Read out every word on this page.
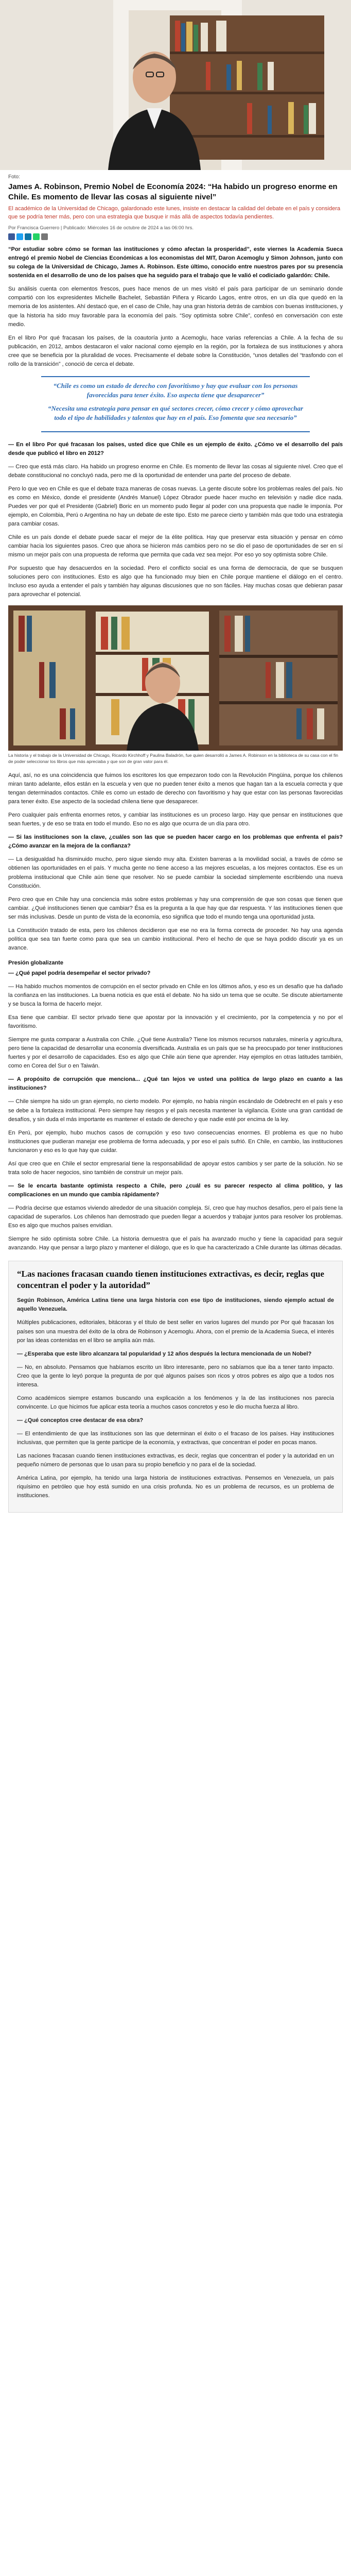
Foto:
James A. Robinson, Premio Nobel de Economía 2024: “Ha habido un progreso enorme en Chile. Es momento de llevar las cosas al siguiente nivel”

El académico de la Universidad de Chicago, galardonado este lunes, insiste en destacar la calidad del debate en el país y considera que se podría tener más, pero con una estrategia que busque ir más allá de aspectos todavía pendientes.

Por Francisca Guerrero | Publicado: Miércoles 16 de octubre de 2024 a las 06:00 hrs.

“Por estudiar sobre cómo se forman las instituciones y cómo afectan la prosperidad”, este viernes la Academia Sueca entregó el premio Nobel de Ciencias Económicas a los economistas del MIT, Daron Acemoglu y Simon Johnson, junto con su colega de la Universidad de Chicago, James A. Robinson. Este último, conocido entre nuestros pares por su presencia sostenida en el desarrollo de uno de los países que ha seguido para el trabajo que le valió el codiciado galardón: Chile.

Su análisis cuenta con elementos frescos, pues hace menos de un mes visitó el país para participar de un seminario donde compartió con los expresidentes Michelle Bachelet, Sebastián Piñera y Ricardo Lagos, entre otros, en un día que quedó en la memoria de los asistentes. Ahí destacó que, en el caso de Chile, hay una gran historia detrás de cambios con buenas instituciones, y que la historia ha sido muy favorable para la economía del país. “Soy optimista sobre Chile”, confesó en conversación con este medio.

En el libro Por qué fracasan los países, de la coautoría junto a Acemoglu, hace varias referencias a Chile. A la fecha de su publicación, en 2012, ambos destacaron el valor nacional como ejemplo en la región, por la fortaleza de sus instituciones y ahora cree que se beneficia por la pluralidad de voces. Precisamente el debate sobre la Constitución, “unos detalles del “trasfondo con el rollo de la transición” , conoció de cerca el debate.

“Chile es como un estado de derecho con favoritismo y hay que evaluar con los personas favorecidas para tener éxito. Eso aspecta tiene que desaparecer”

“Necesita una estrategia para pensar en qué sectores crecer, cómo crecer y cómo aprovechar todo el tipo de habilidades y talentos que hay en el país. Eso fomenta que sea necesario”

— En el libro Por qué fracasan los países, usted dice que Chile es un ejemplo de éxito. ¿Cómo ve el desarrollo del país desde que publicó el libro en 2012?

— Creo que está más claro. Ha habido un progreso enorme en Chile. Es momento de llevar las cosas al siguiente nivel. Creo que el debate constitucional no concluyó nada, pero me di la oportunidad de entender una parte del proceso de debate.

Pero lo que veo en Chile es que el debate traza maneras de cosas nuevas. La gente discute sobre los problemas reales del país. No es como en México, donde el presidente (Andrés Manuel) López Obrador puede hacer mucho en televisión y nadie dice nada. Puedes ver por qué el Presidente (Gabriel) Boric en un momento pudo llegar al poder con una propuesta que nadie le imponía. Por ejemplo, en Colombia, Perú o Argentina no hay un debate de este tipo. Esto me parece cierto y también más que todo una estrategia para cambiar cosas.

Chile es un país donde el debate puede sacar el mejor de la élite política. Hay que preservar esta situación y pensar en cómo cambiar hacia los siguientes pasos. Creo que ahora se hicieron más cambios pero no se dio el paso de oportunidades de ser en sí mismo un mejor país con una propuesta de reforma que permita que cada vez sea mejor. Por eso yo soy optimista sobre Chile.

Por supuesto que hay desacuerdos en la sociedad. Pero el conflicto social es una forma de democracia, de que se busquen soluciones pero con instituciones. Esto es algo que ha funcionado muy bien en Chile porque mantiene el diálogo en el centro. Incluso eso ayuda a entender el país y también hay algunas discusiones que no son fáciles. Hay muchas cosas que debieran pasar para aprovechar el potencial.

La historia y el trabajo de la Universidad de Chicago, Ricardo Kirchhoff y Paulina Baladrón, fue quien desarrolló a James A. Robinson en la biblioteca de su casa con el fin de poder seleccionar los libros que más apreciaba y que son de gran valor para él.

Aquí, así, no es una coincidencia que fuimos los escritores los que empezaron todo con la Revolución Pingüina, porque los chilenos miran tanto adelante, ellos están en la escuela y ven que no pueden tener éxito a menos que hagan tan a la escuela correcta y que tengan determinados contactos. Chile es como un estado de derecho con favoritismo y hay que estar con las personas favorecidas para tener éxito. Ese aspecto de la sociedad chilena tiene que desaparecer.

Pero cualquier país enfrenta enormes retos, y cambiar las instituciones es un proceso largo. Hay que pensar en instituciones que sean fuertes, y de eso se trata en todo el mundo. Eso no es algo que ocurra de un día para otro.

— Si las instituciones son la clave, ¿cuáles son las que se pueden hacer cargo en los problemas que enfrenta el país? ¿Cómo avanzar en la mejora de la confianza?

— La desigualdad ha disminuido mucho, pero sigue siendo muy alta. Existen barreras a la movilidad social, a través de cómo se obtienen las oportunidades en el país. Y mucha gente no tiene acceso a las mejores escuelas, a los mejores contactos. Ese es un problema institucional que Chile aún tiene que resolver. No se puede cambiar la sociedad simplemente escribiendo una nueva Constitución.

Pero creo que en Chile hay una conciencia más sobre estos problemas y hay una comprensión de que son cosas que tienen que cambiar. ¿Qué instituciones tienen que cambiar? Ésa es la pregunta a la que hay que dar respuesta. Y las instituciones tienen que ser más inclusivas. Desde un punto de vista de la economía, eso significa que todo el mundo tenga una oportunidad justa.

La Constitución tratado de esta, pero los chilenos decidieron que ese no era la forma correcta de proceder. No hay una agenda política que sea tan fuerte como para que sea un cambio institucional. Pero el hecho de que se haya podido discutir ya es un avance.

Presión globalizante

— ¿Qué papel podría desempeñar el sector privado?

— Ha habido muchos momentos de corrupción en el sector privado en Chile en los últimos años, y eso es un desafío que ha dañado la confianza en las instituciones. La buena noticia es que está el debate. No ha sido un tema que se oculte. Se discute abiertamente y se busca la forma de hacerlo mejor.

Esa tiene que cambiar. El sector privado tiene que apostar por la innovación y el crecimiento, por la competencia y no por el favoritismo.

Siempre me gusta comparar a Australia con Chile. ¿Qué tiene Australia? Tiene los mismos recursos naturales, minería y agricultura, pero tiene la capacidad de desarrollar una economía diversificada. Australia es un país que se ha preocupado por tener instituciones fuertes y por el desarrollo de capacidades. Eso es algo que Chile aún tiene que aprender. Hay ejemplos en otras latitudes también, como en Corea del Sur o en Taiwán.

— A propósito de corrupción que menciona... ¿Qué tan lejos ve usted una política de largo plazo en cuanto a las instituciones?

— Chile siempre ha sido un gran ejemplo, no cierto modelo. Por ejemplo, no había ningún escándalo de Odebrecht en el país y eso se debe a la fortaleza institucional. Pero siempre hay riesgos y el país necesita mantener la vigilancia. Existe una gran cantidad de desafíos, y sin duda el más importante es mantener el estado de derecho y que nadie esté por encima de la ley.

En Perú, por ejemplo, hubo muchos casos de corrupción y eso tuvo consecuencias enormes. El problema es que no hubo instituciones que pudieran manejar ese problema de forma adecuada, y por eso el país sufrió. En Chile, en cambio, las instituciones funcionaron y eso es lo que hay que cuidar.

Así que creo que en Chile el sector empresarial tiene la responsabilidad de apoyar estos cambios y ser parte de la solución. No se trata solo de hacer negocios, sino también de construir un mejor país.

— Se le encarta bastante optimista respecto a Chile, pero ¿cuál es su parecer respecto al clima político, y las complicaciones en un mundo que cambia rápidamente?

— Podría decirse que estamos viviendo alrededor de una situación compleja. Sí, creo que hay muchos desafíos, pero el país tiene la capacidad de superarlos. Los chilenos han demostrado que pueden llegar a acuerdos y trabajar juntos para resolver los problemas. Eso es algo que muchos países envidian.

Siempre he sido optimista sobre Chile. La historia demuestra que el país ha avanzado mucho y tiene la capacidad para seguir avanzando. Hay que pensar a largo plazo y mantener el diálogo, que es lo que ha caracterizado a Chile durante las últimas décadas.

“Las naciones fracasan cuando tienen instituciones extractivas, es decir, reglas que concentran el poder y la autoridad”

Según Robinson, América Latina tiene una larga historia con ese tipo de instituciones, siendo ejemplo actual de aquello Venezuela.

Múltiples publicaciones, editoriales, bitácoras y el título de best seller en varios lugares del mundo por Por qué fracasan los países son una muestra del éxito de la obra de Robinson y Acemoglu. Ahora, con el premio de la Academia Sueca, el interés por las ideas contenidas en el libro se amplía aún más.

— ¿Esperaba que este libro alcanzara tal popularidad y 12 años después la lectura mencionada de un Nobel?

— No, en absoluto. Pensamos que habíamos escrito un libro interesante, pero no sabíamos que iba a tener tanto impacto. Creo que la gente lo leyó porque la pregunta de por qué algunos países son ricos y otros pobres es algo que a todos nos interesa.

Como académicos siempre estamos buscando una explicación a los fenómenos y la de las instituciones nos parecía convincente. Lo que hicimos fue aplicar esta teoría a muchos casos concretos y eso le dio mucha fuerza al libro.

— ¿Qué conceptos cree destacar de esa obra?

— El entendimiento de que las instituciones son las que determinan el éxito o el fracaso de los países. Hay instituciones inclusivas, que permiten que la gente participe de la economía, y extractivas, que concentran el poder en pocas manos.

Las naciones fracasan cuando tienen instituciones extractivas, es decir, reglas que concentran el poder y la autoridad en un pequeño número de personas que lo usan para su propio beneficio y no para el de la sociedad.

América Latina, por ejemplo, ha tenido una larga historia de instituciones extractivas. Pensemos en Venezuela, un país riquísimo en petróleo que hoy está sumido en una crisis profunda. No es un problema de recursos, es un problema de instituciones.
